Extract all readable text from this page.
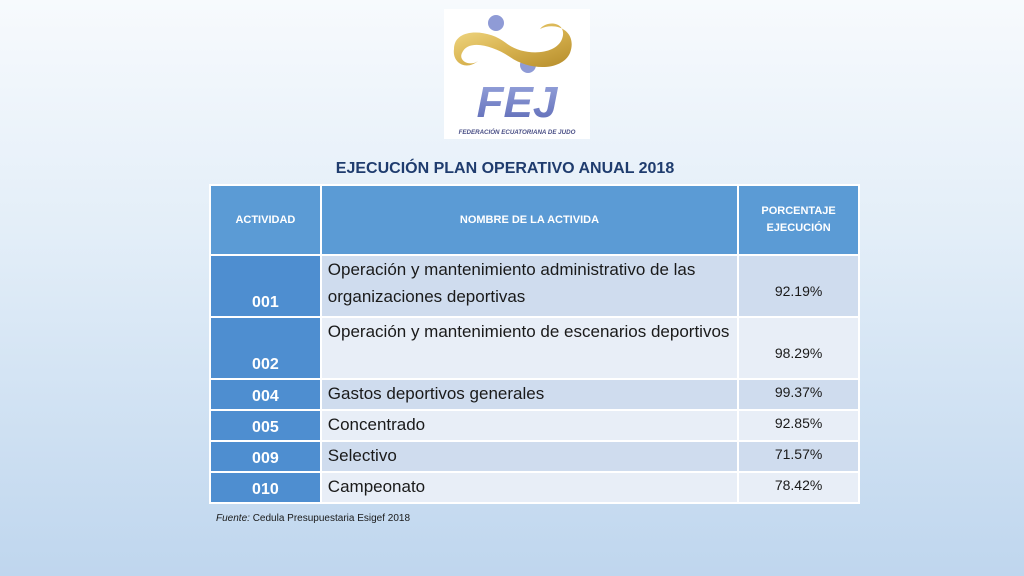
FEJ
FEDERACIÓN ECUATORIANA DE JUDO
EJECUCIÓN PLAN OPERATIVO ANUAL 2018
ACTIVIDAD	NOMBRE DE LA ACTIVIDA	PORCENTAJE
EJECUCIÓN
001	Operación y mantenimiento administrativo de las organizaciones deportivas	92.19%
002	Operación y mantenimiento de escenarios deportivos	98.29%
004	Gastos deportivos generales	99.37%
005	Concentrado	92.85%
009	Selectivo	71.57%
010	Campeonato	78.42%
Fuente: Cedula Presupuestaria Esigef 2018
